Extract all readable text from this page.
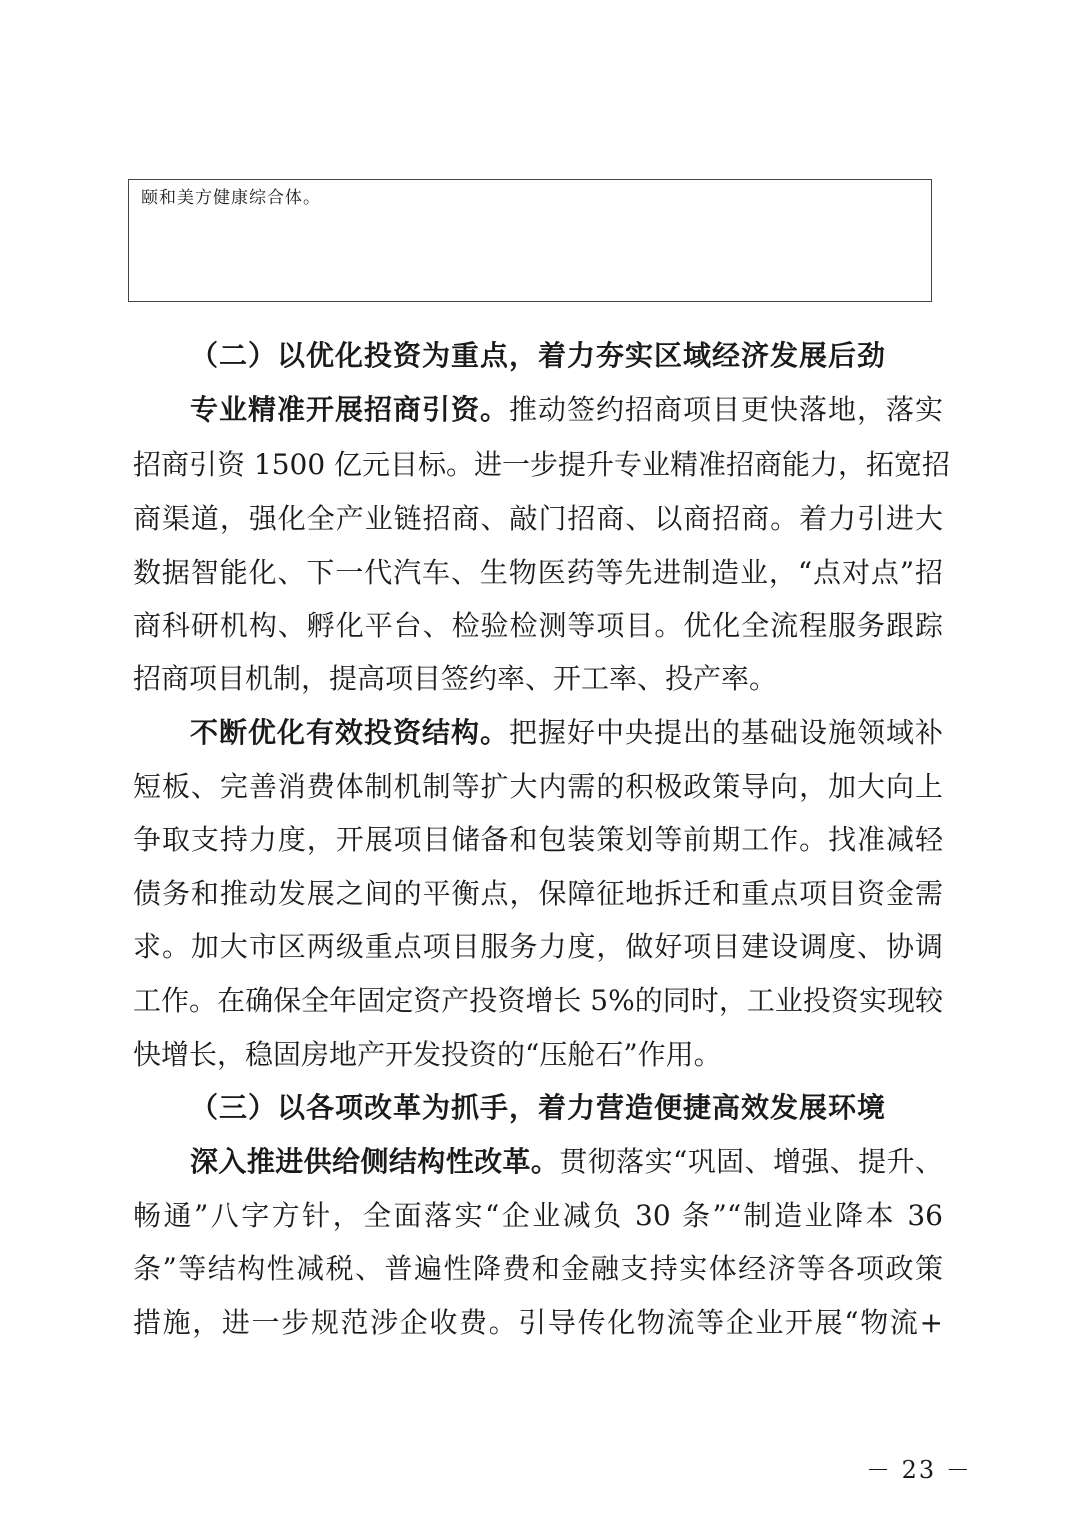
颐和美方健康综合体。
（二）以优化投资为重点，着力夯实区域经济发展后劲
专业精准开展招商引资。推动签约招商项目更快落地，落实
招商引资 1500 亿元目标。进一步提升专业精准招商能力，拓宽招
商渠道，强化全产业链招商、敲门招商、以商招商。着力引进大
数据智能化、下一代汽车、生物医药等先进制造业，“点对点”招
商科研机构、孵化平台、检验检测等项目。优化全流程服务跟踪
招商项目机制，提高项目签约率、开工率、投产率。
不断优化有效投资结构。把握好中央提出的基础设施领域补
短板、完善消费体制机制等扩大内需的积极政策导向，加大向上
争取支持力度，开展项目储备和包装策划等前期工作。找准减轻
债务和推动发展之间的平衡点，保障征地拆迁和重点项目资金需
求。加大市区两级重点项目服务力度，做好项目建设调度、协调
工作。在确保全年固定资产投资增长 5%的同时，工业投资实现较
快增长，稳固房地产开发投资的“压舱石”作用。
（三）以各项改革为抓手，着力营造便捷高效发展环境
深入推进供给侧结构性改革。贯彻落实“巩固、增强、提升、
畅通”八字方针，全面落实“企业减负 30 条”“制造业降本 36
条”等结构性减税、普遍性降费和金融支持实体经济等各项政策
措施，进一步规范涉企收费。引导传化物流等企业开展“物流+
－ 23 －
